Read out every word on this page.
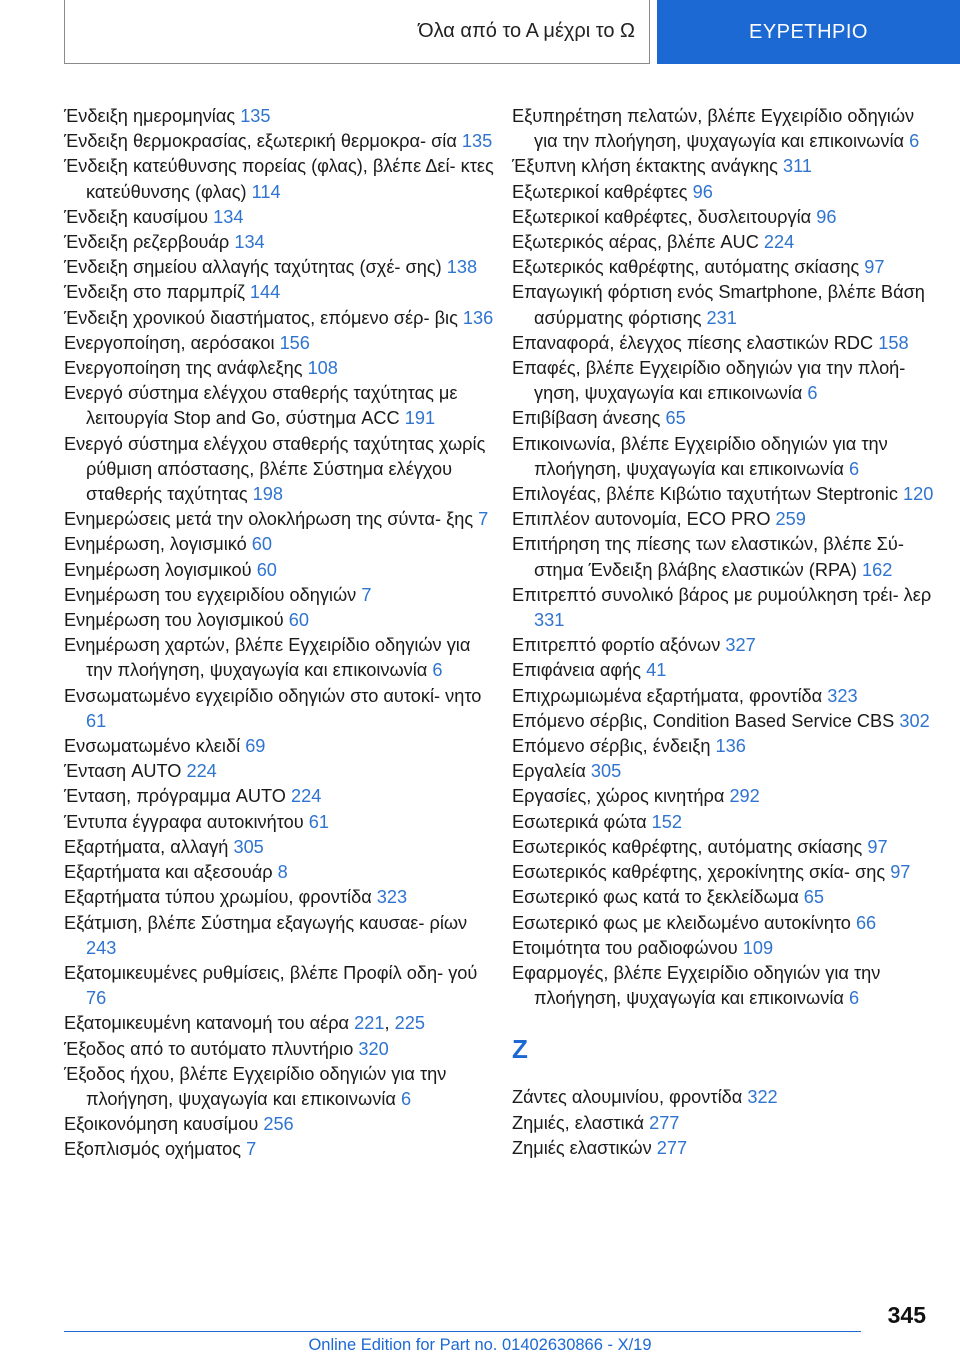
Όλα από το Α μέχρι το Ω	ΕΥΡΕΤΗΡΙΟ
Ένδειξη ημερομηνίας 135
Ένδειξη θερμοκρασίας, εξωτερική θερμοκρα‐ σία 135
Ένδειξη κατεύθυνσης πορείας (φλας), βλέπε Δεί‐ κτες κατεύθυνσης (φλας) 114
Ένδειξη καυσίμου 134
Ένδειξη ρεζερβουάρ 134
Ένδειξη σημείου αλλαγής ταχύτητας (σχέ‐ σης) 138
Ένδειξη στο παρμπρίζ 144
Ένδειξη χρονικού διαστήματος, επόμενο σέρ‐ βις 136
Ενεργοποίηση, αερόσακοι 156
Ενεργοποίηση της ανάφλεξης 108
Ενεργό σύστημα ελέγχου σταθερής ταχύτητας με λειτουργία Stop and Go, σύστημα ACC 191
Ενεργό σύστημα ελέγχου σταθερής ταχύτητας χωρίς ρύθμιση απόστασης, βλέπε Σύστημα ελέγχου σταθερής ταχύτητας 198
Ενημερώσεις μετά την ολοκλήρωση της σύντα‐ ξης 7
Ενημέρωση, λογισμικό 60
Ενημέρωση λογισμικού 60
Ενημέρωση του εγχειριδίου οδηγιών 7
Ενημέρωση του λογισμικού 60
Ενημέρωση χαρτών, βλέπε Εγχειρίδιο οδηγιών για την πλοήγηση, ψυχαγωγία και επικοινωνία 6
Ενσωματωμένο εγχειρίδιο οδηγιών στο αυτοκί‐ νητο 61
Ενσωματωμένο κλειδί 69
Ένταση AUTO 224
Ένταση, πρόγραμμα AUTO 224
Έντυπα έγγραφα αυτοκινήτου 61
Εξαρτήματα, αλλαγή 305
Εξαρτήματα και αξεσουάρ 8
Εξαρτήματα τύπου χρωμίου, φροντίδα 323
Εξάτμιση, βλέπε Σύστημα εξαγωγής καυσαε‐ ρίων 243
Εξατομικευμένες ρυθμίσεις, βλέπε Προφίλ οδη‐ γού 76
Εξατομικευμένη κατανομή του αέρα 221, 225
Έξοδος από το αυτόματο πλυντήριο 320
Έξοδος ήχου, βλέπε Εγχειρίδιο οδηγιών για την πλοήγηση, ψυχαγωγία και επικοινωνία 6
Εξοικονόμηση καυσίμου 256
Εξοπλισμός οχήματος 7
Εξυπηρέτηση πελατών, βλέπε Εγχειρίδιο οδηγιών για την πλοήγηση, ψυχαγωγία και επικοινωνία 6
Έξυπνη κλήση έκτακτης ανάγκης 311
Εξωτερικοί καθρέφτες 96
Εξωτερικοί καθρέφτες, δυσλειτουργία 96
Εξωτερικός αέρας, βλέπε AUC 224
Εξωτερικός καθρέφτης, αυτόματης σκίασης 97
Επαγωγική φόρτιση ενός Smartphone, βλέπε Βάση ασύρματης φόρτισης 231
Επαναφορά, έλεγχος πίεσης ελαστικών RDC 158
Επαφές, βλέπε Εγχειρίδιο οδηγιών για την πλοή‐ γηση, ψυχαγωγία και επικοινωνία 6
Επιβίβαση άνεσης 65
Επικοινωνία, βλέπε Εγχειρίδιο οδηγιών για την πλοήγηση, ψυχαγωγία και επικοινωνία 6
Επιλογέας, βλέπε Κιβώτιο ταχυτήτων Steptronic 120
Επιπλέον αυτονομία, ECO PRO 259
Επιτήρηση της πίεσης των ελαστικών, βλέπε Σύ‐ στημα Ένδειξη βλάβης ελαστικών (RPA) 162
Επιτρεπτό συνολικό βάρος με ρυμούλκηση τρέι‐ λερ 331
Επιτρεπτό φορτίο αξόνων 327
Επιφάνεια αφής 41
Επιχρωμιωμένα εξαρτήματα, φροντίδα 323
Επόμενο σέρβις, Condition Based Service CBS 302
Επόμενο σέρβις, ένδειξη 136
Εργαλεία 305
Εργασίες, χώρος κινητήρα 292
Εσωτερικά φώτα 152
Εσωτερικός καθρέφτης, αυτόματης σκίασης 97
Εσωτερικός καθρέφτης, χεροκίνητης σκία‐ σης 97
Εσωτερικό φως κατά το ξεκλείδωμα 65
Εσωτερικό φως με κλειδωμένο αυτοκίνητο 66
Ετοιμότητα του ραδιοφώνου 109
Εφαρμογές, βλέπε Εγχειρίδιο οδηγιών για την πλοήγηση, ψυχαγωγία και επικοινωνία 6
Z
Ζάντες αλουμινίου, φροντίδα 322
Ζημιές, ελαστικά 277
Ζημιές ελαστικών 277
345
Online Edition for Part no. 01402630866 - X/19
